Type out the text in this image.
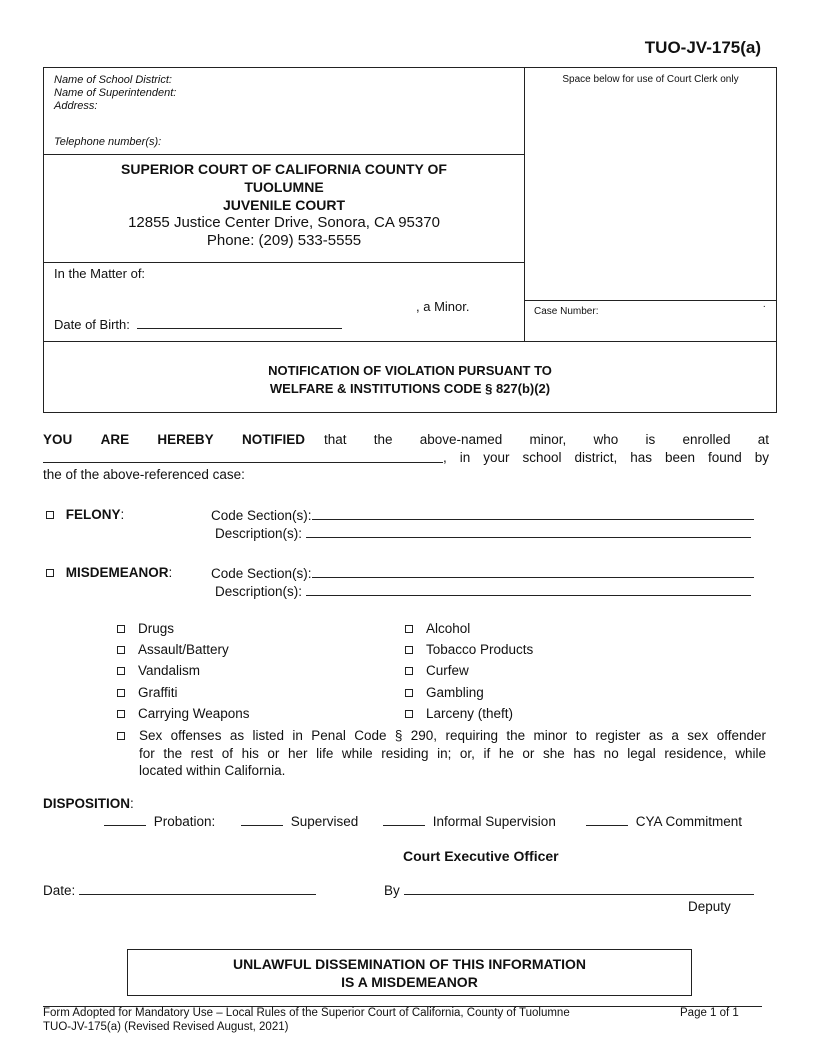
TUO-JV-175(a)
Name of School District:
Name of Superintendent:
Address:
Telephone number(s):
SUPERIOR COURT OF CALIFORNIA COUNTY OF
TUOLUMNE
JUVENILE COURT
12855 Justice Center Drive, Sonora, CA 95370
Phone: (209) 533-5555
In the Matter of:
, a Minor.
Date of Birth:
Space below for use of Court Clerk only
Case Number:	·
NOTIFICATION OF VIOLATION PURSUANT TO
WELFARE & INSTITUTIONS CODE § 827(b)(2)
YOU ARE HEREBY NOTIFIED that the above-named minor, who is enrolled at
, in your school district, has been found by
the of the above-referenced case:
FELONY:	Code Section(s):
Description(s):
MISDEMEANOR:	Code Section(s):
Description(s):
Drugs
Assault/Battery
Vandalism
Graffiti
Carrying Weapons
Alcohol
Tobacco Products
Curfew
Gambling
Larceny (theft)
Sex offenses as listed in Penal Code § 290, requiring the minor to register as a sex offender
for the rest of his or her life while residing in; or, if he or she has no legal residence, while
located within California.
DISPOSITION:
Probation:	Supervised	Informal Supervision	CYA Commitment
Court Executive Officer
Date:	By
Deputy
UNLAWFUL DISSEMINATION OF THIS INFORMATION
IS A MISDEMEANOR
Form Adopted for Mandatory Use – Local Rules of the Superior Court of California, County of Tuolumne	Page 1 of 1
TUO-JV-175(a) (Revised Revised August, 2021)
